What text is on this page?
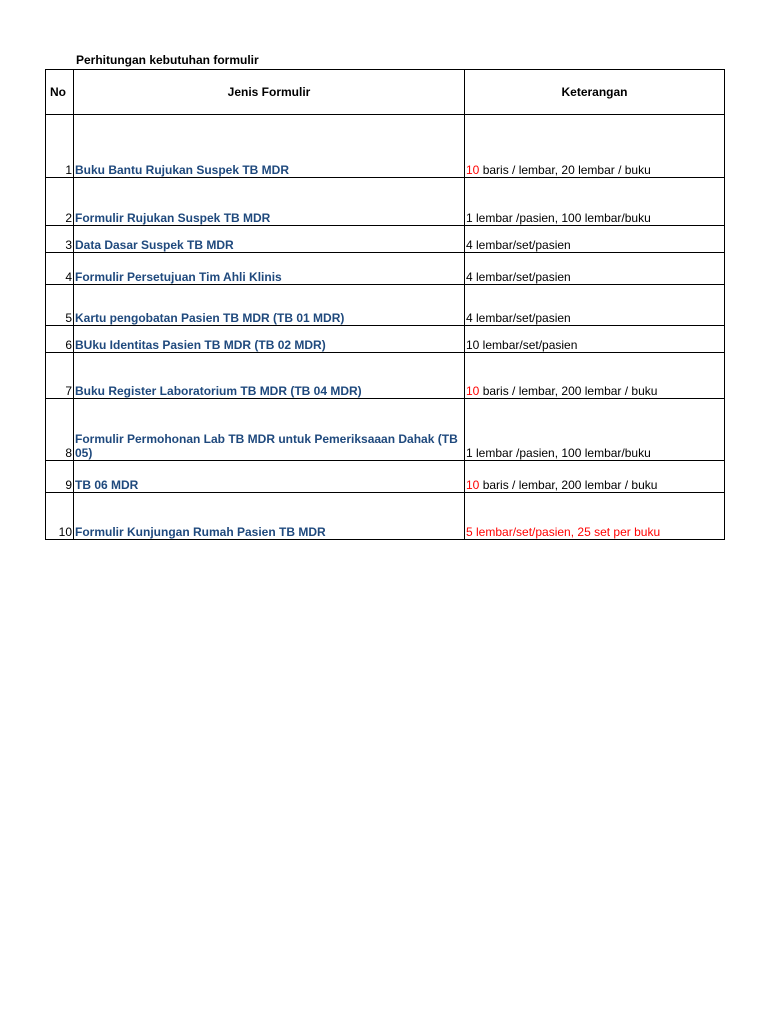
Perhitungan kebutuhan formulir
No	Jenis Formulir	Keterangan
1	Buku Bantu Rujukan Suspek TB MDR	10 baris / lembar, 20 lembar / buku
2	Formulir Rujukan Suspek TB MDR	1 lembar /pasien, 100 lembar/buku
3	Data Dasar Suspek TB MDR	4 lembar/set/pasien
4	Formulir Persetujuan Tim Ahli Klinis	4 lembar/set/pasien
5	Kartu pengobatan Pasien TB MDR (TB 01 MDR)	4 lembar/set/pasien
6	BUku Identitas Pasien TB MDR (TB 02 MDR)	10 lembar/set/pasien
7	Buku Register Laboratorium TB MDR (TB 04 MDR)	10 baris / lembar, 200 lembar / buku
8	Formulir Permohonan Lab TB MDR untuk Pemeriksaaan Dahak (TB 05)	1 lembar /pasien, 100 lembar/buku
9	TB 06 MDR	10 baris / lembar, 200 lembar / buku
10	Formulir Kunjungan Rumah Pasien TB MDR	5 lembar/set/pasien, 25 set per buku
